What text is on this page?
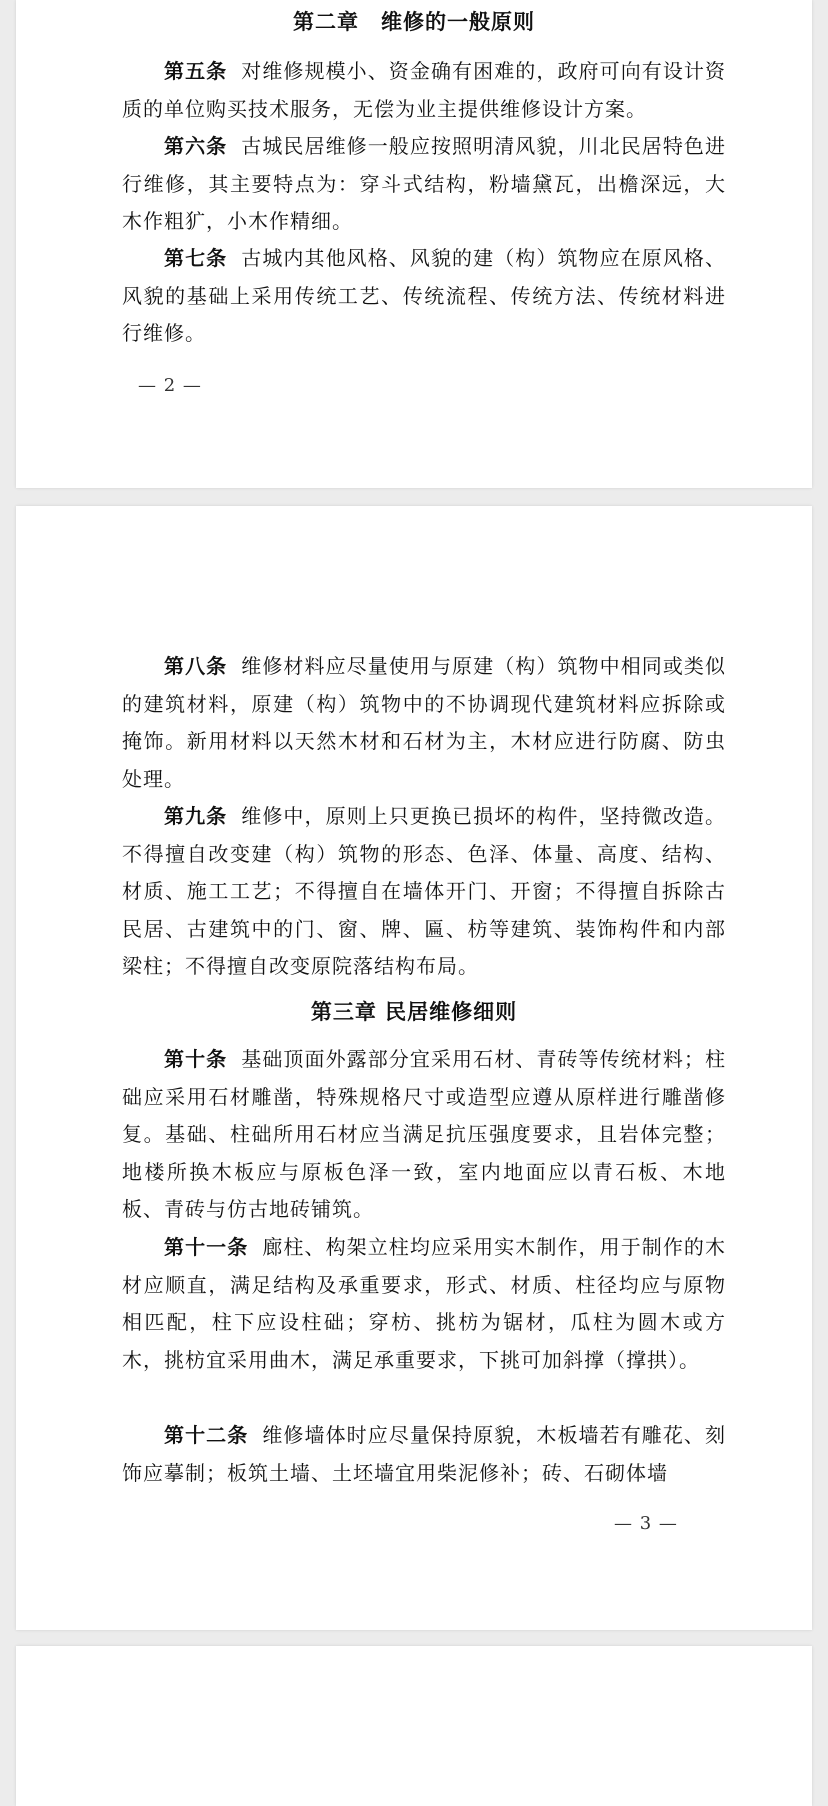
第二章　维修的一般原则

第五条 对维修规模小、资金确有困难的，政府可向有设计资质的单位购买技术服务，无偿为业主提供维修设计方案。

第六条 古城民居维修一般应按照明清风貌，川北民居特色进行维修，其主要特点为：穿斗式结构，粉墙黛瓦，出檐深远，大木作粗犷，小木作精细。

第七条 古城内其他风格、风貌的建（构）筑物应在原风格、风貌的基础上采用传统工艺、传统流程、传统方法、传统材料进行维修。

— 2 —

第八条 维修材料应尽量使用与原建（构）筑物中相同或类似的建筑材料，原建（构）筑物中的不协调现代建筑材料应拆除或掩饰。新用材料以天然木材和石材为主，木材应进行防腐、防虫处理。

第九条 维修中，原则上只更换已损坏的构件，坚持微改造。不得擅自改变建（构）筑物的形态、色泽、体量、高度、结构、材质、施工工艺；不得擅自在墙体开门、开窗；不得擅自拆除古民居、古建筑中的门、窗、牌、匾、枋等建筑、装饰构件和内部梁柱；不得擅自改变原院落结构布局。

第三章 民居维修细则

第十条 基础顶面外露部分宜采用石材、青砖等传统材料；柱础应采用石材雕凿，特殊规格尺寸或造型应遵从原样进行雕凿修复。基础、柱础所用石材应当满足抗压强度要求，且岩体完整；地楼所换木板应与原板色泽一致，室内地面应以青石板、木地板、青砖与仿古地砖铺筑。

第十一条 廊柱、构架立柱均应采用实木制作，用于制作的木材应顺直，满足结构及承重要求，形式、材质、柱径均应与原物相匹配，柱下应设柱础；穿枋、挑枋为锯材，瓜柱为圆木或方木，挑枋宜采用曲木，满足承重要求，下挑可加斜撑（撑拱）。

第十二条 维修墙体时应尽量保持原貌，木板墙若有雕花、刻饰应摹制；板筑土墙、土坯墙宜用柴泥修补；砖、石砌体墙

— 3 —
